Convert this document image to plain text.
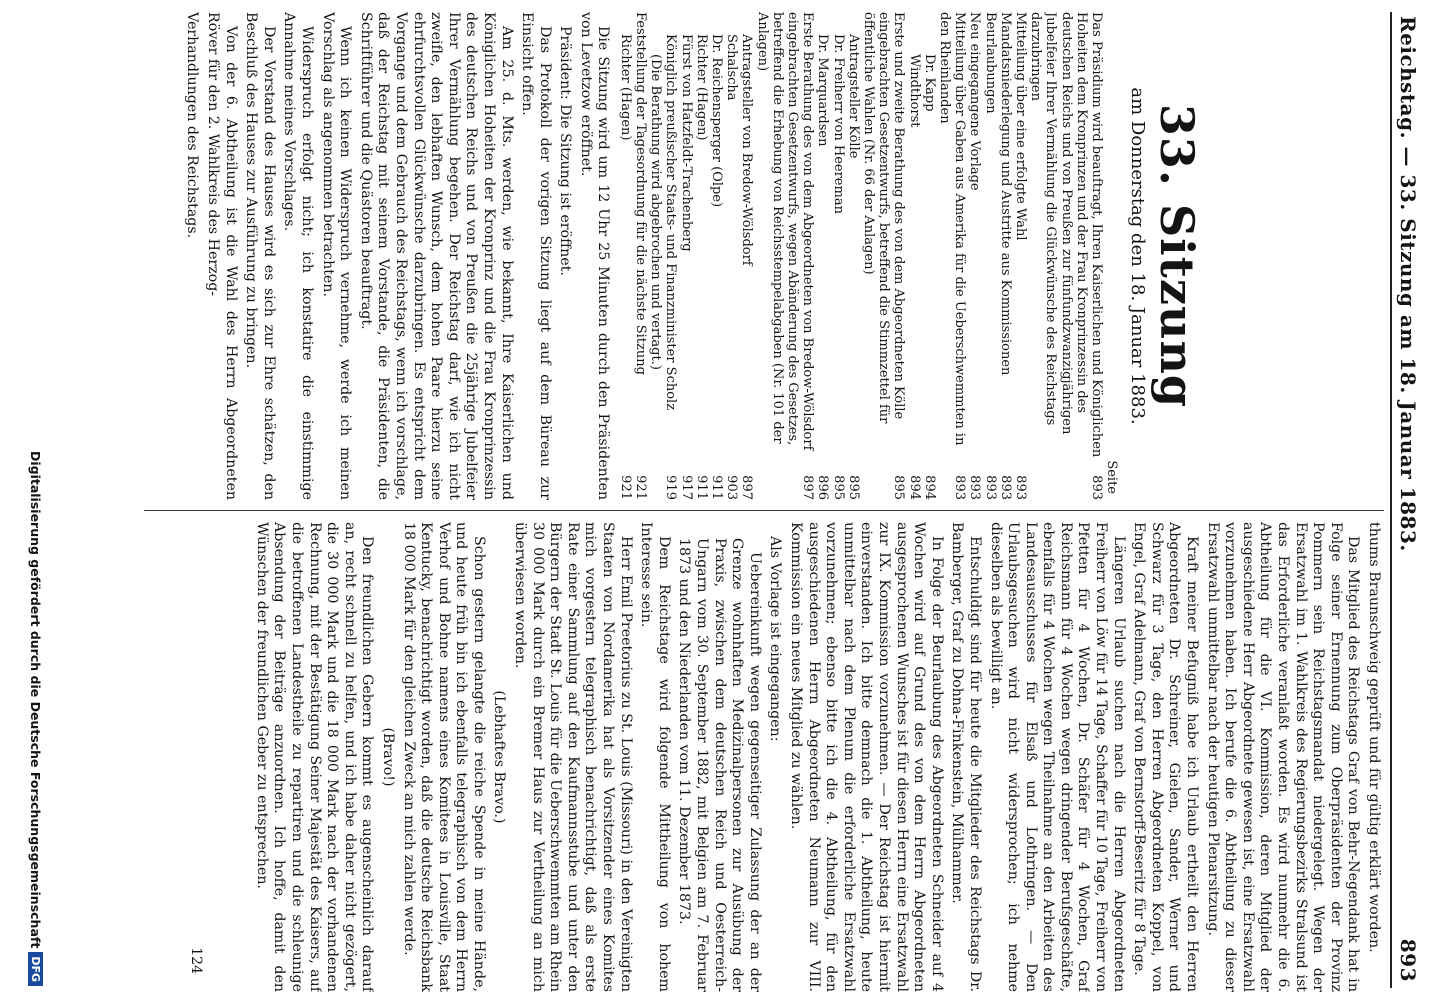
Reichstag. — 33. Sitzung am 18. Januar 1883.
893
33. Sitzung
am Donnerstag den 18. Januar 1883.
Seite
Das Präsidium wird beauftragt, Ihren Kaiserlichen und Königlichen Hoheiten dem Kronprinzen und der Frau Kronprinzessin des deutschen Reichs und von Preußen zur fünfundzwanzigjährigen Jubelfeier Ihrer Vermählung die Glückwünsche des Reichstags darzubringen
893
Mitteilung über eine erfolgte Wahl
893
Mandatsniederlegung und Austritte aus Kommissionen
893
Beurlaubungen
893
Neu eingegangene Vorlage
893
Mitteilung über Gaben aus Amerika für die Ueberschwemmten in den Rheinlanden
893
Dr. Kapp
894
Windthorst
894
Erste und zweite Berathung des von dem Abgeordneten Kölle eingebrachten Gesetzentwurfs, betreffend die Stimmzettel für öffentliche Wahlen (Nr. 66 der Anlagen)
895
Antragsteller Kölle
895
Dr. Freiherr von Heereman
895
Dr. Marquardsen
896
Erste Berathung des von dem Abgeordneten von Bredow-Wölsdorf eingebrachten Gesetzentwurfs, wegen Abänderung des Gesetzes, betreffend die Erhebung von Reichsstempelabgaben (Nr. 101 der Anlagen)
897
Antragsteller von Bredow-Wölsdorf
897
Schalscha
903
Dr. Reichensperger (Olpe)
911
Richter (Hagen)
911
Fürst von Hatzfeldt-Trachenberg
917
Königlich preußischer Staats- und Finanzminister Scholz
919
(Die Berathung wird abgebrochen und vertagt.)
Feststellung der Tagesordnung für die nächste Sitzung
921
Richter (Hagen)
921

Die Sitzung wird um 12 Uhr 25 Minuten durch den Präsidenten von Levetzow eröffnet.

Präsident: Die Sitzung ist eröffnet.

Das Protokoll der vorigen Sitzung liegt auf dem Büreau zur Einsicht offen.

Am 25. d. Mts. werden, wie bekannt, Ihre Kaiserlichen und Königlichen Hoheiten der Kronprinz und die Frau Kronprinzessin des deutschen Reichs und von Preußen die 25jährige Jubelfeier Ihrer Vermählung begehen. Der Reichstag darf, wie ich nicht zweifle, den lebhaften Wunsch, dem hohen Paare hierzu seine ehrfurchtsvollen Glückwünsche darzubringen. Es entspricht dem Vorgange und dem Gebrauch des Reichstags, wenn ich vorschlage, daß der Reichstag mit seinem Vorstande, die Präsidenten, die Schriftführer und die Quästoren beauftragt.

Wenn ich keinen Widerspruch vernehme, werde ich meinen Vorschlag als angenommen betrachten.

Widerspruch erfolgt nicht; ich konstatire die einstimmige Annahme meines Vorschlages.

Der Vorstand des Hauses wird es sich zur Ehre schätzen, den Beschluß des Hauses zur Ausführung zu bringen.

Von der 6. Abtheilung ist die Wahl des Herrn Abgeordneten Röver für den 2. Wahlkreis des Herzog-

Verhandlungen des Reichstags.

thums Braunschweig geprüft und für gültig erklärt worden.

Das Mitglied des Reichstags Graf von Behr-Negendank hat in Folge seiner Ernennung zum Oberpräsidenten der Provinz Pommern sein Reichstagsmandat niedergelegt. Wegen der Ersatzwahl im 1. Wahlkreis des Regierungsbezirks Stralsund ist das Erforderliche veranlaßt worden. Es wird nunmehr die 6. Abtheilung für die VI. Kommission, deren Mitglied der ausgeschiedene Herr Abgeordnete gewesen ist, eine Ersatzwahl vorzunehmen haben. Ich berufe die 6. Abtheilung zu dieser Ersatzwahl unmittelbar nach der heutigen Plenarsitzung.

Kraft meiner Befugniß habe ich Urlaub ertheilt den Herren Abgeordneten Dr. Schreiner, Gielen, Sander, Werner und Schwarz für 3 Tage, den Herren Abgeordneten Koppel, von Engel, Graf Adelmann, Graf von Bernstorff-Beseritz für 8 Tage.

Längeren Urlaub suchen nach die Herren Abgeordneten Freiherr von Löw für 14 Tage, Schaffer für 10 Tage, Freiherr von Pfetten für 4 Wochen, Dr. Schäfer für 4 Wochen, Graf Reichsmann für 4 Wochen wegen dringender Berufsgeschäfte, ebenfalls für 4 Wochen wegen Theilnahme an den Arbeiten des Landesausschusses für Elsaß und Lothringen. — Den Urlaubsgesuchen wird nicht widersprochen; ich nehme dieselben als bewilligt an.

Entschuldigt sind für heute die Mitglieder des Reichstags Dr. Bamberger, Graf zu Dohna-Finkenstein, Mülhammer.

In Folge der Beurlaubung des Abgeordneten Schneider auf 4 Wochen wird auf Grund des von dem Herrn Abgeordneten ausgesprochenen Wunsches ist für diesen Herrn eine Ersatzwahl zur IX. Kommission vorzunehmen. — Der Reichstag ist hiermit einverstanden. Ich bitte demnach die 1. Abtheilung, heute unmittelbar nach dem Plenum die erforderliche Ersatzwahl vorzunehmen; ebenso bitte ich die 4. Abtheilung, für den ausgeschiedenen Herrn Abgeordneten Neumann zur VIII. Kommission ein neues Mitglied zu wählen.

Als Vorlage ist eingegangen:

Uebereinkunft wegen gegenseitiger Zulassung der an der Grenze wohnhaften Medizinalpersonen zur Ausübung der Praxis, zwischen dem deutschen Reich und Oesterreich-Ungarn vom 30. September 1882, mit Belgien am 7. Februar 1873 und den Niederlanden vom 11. Dezember 1873.

Dem Reichstage wird folgende Mittheilung von hohem Interesse sein.

Herr Emil Preetorius zu St. Louis (Missouri) in den Vereinigten Staaten von Nordamerika hat als Vorsitzender eines Komites mich vorgestern telegraphisch benachrichtigt, daß als erste Rate einer Sammlung auf den Kaufmannsstube und unter den Bürgern der Stadt St. Louis für die Ueberschwemmten am Rhein 30 000 Mark durch ein Bremer Haus zur Vertheilung an mich überwiesen worden.

(Lebhaftes Bravo.)

Schon gestern gelangte die reiche Spende in meine Hände, und heute früh bin ich ebenfalls telegraphisch von dem Herrn Verhof und Bohne namens eines Komitees in Louisville, Staat Kentucky, benachrichtigt worden, daß die deutsche Reichsbank 18 000 Mark für den gleichen Zweck an mich zahlen werde.

(Bravo!)

Den freundlichen Gebern kommt es augenscheinlich darauf an, recht schnell zu helfen, und ich habe daher nicht gezögert, die 30 000 Mark und die 18 000 Mark nach der vorhandenen Rechnung, mit der Bestätigung Seiner Majestät des Kaisers, auf die betroffenen Landestheile zu repartiren und die schleunige Absendung der Beiträge anzuordnen. Ich hoffe, damit den Wünschen der freundlichen Geber zu entsprechen.

124
Digitalisierung gefördert durch die Deutsche Forschungsgemeinschaft
DFG
